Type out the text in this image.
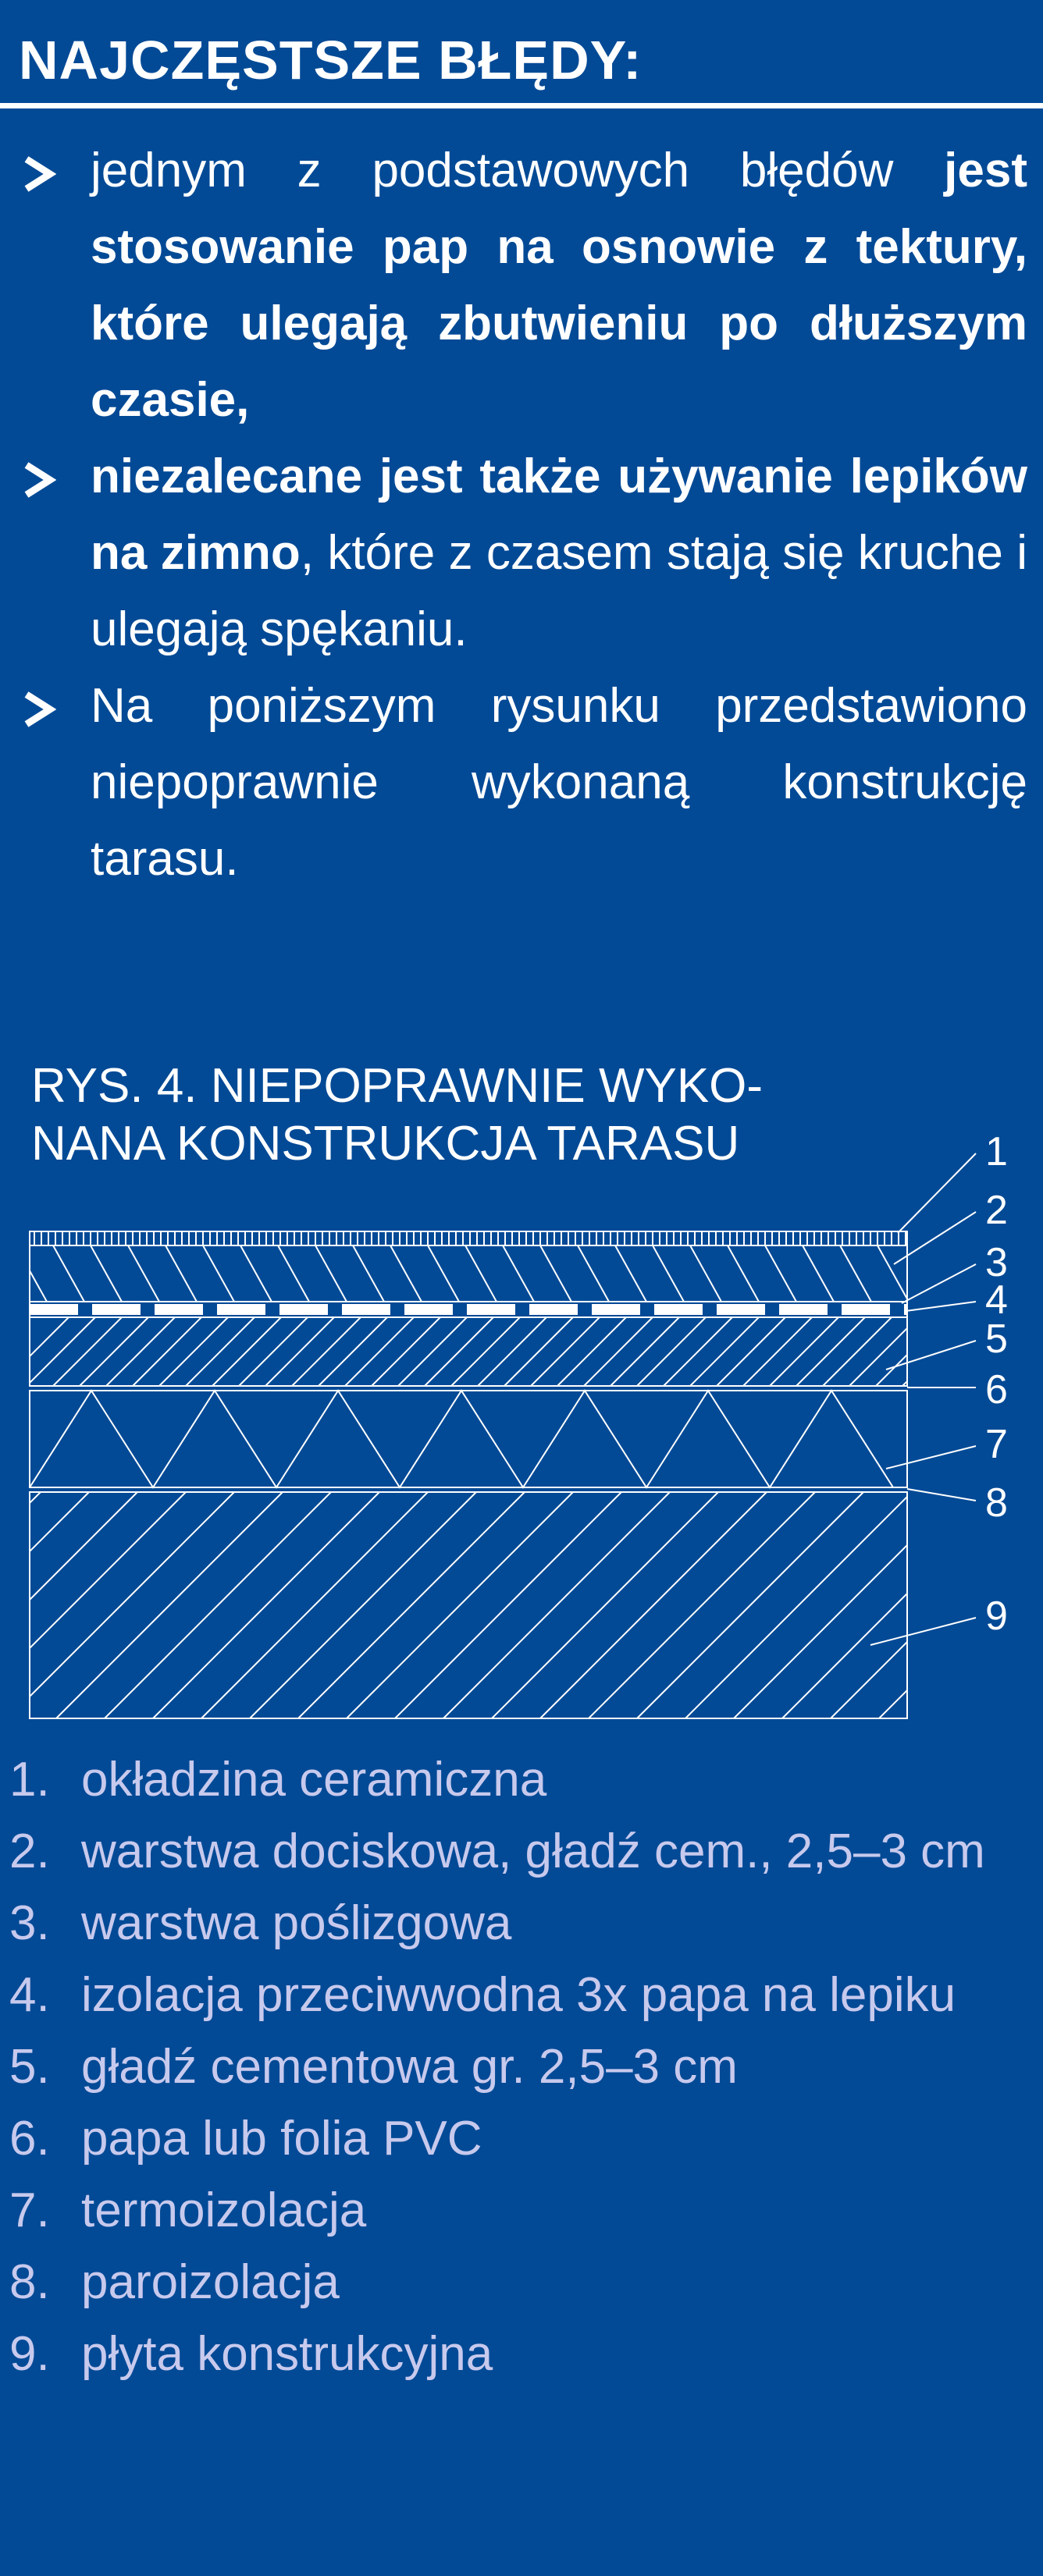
NAJCZĘSTSZE BŁĘDY:
jednym z podstawowych błędów jest stosowanie pap na osnowie z tektury, które ulegają zbutwieniu po dłuższym czasie,
niezalecane jest także używanie lepików na zimno, które z czasem stają się kruche i ulegają spękaniu.
Na poniższym rysunku przedstawiono niepoprawnie wykonaną konstrukcję tarasu.

RYS. 4. NIEPOPRAWNIE WYKO-
NANA KONSTRUKCJA TARASU	1
2
3
4
5
6
7
8
9
1. okładzina ceramiczna
2. warstwa dociskowa, gładź cem., 2,5–3 cm
3. warstwa poślizgowa
4. izolacja przeciwwodna 3x papa na lepiku
5. gładź cementowa gr. 2,5–3 cm
6. papa lub folia PVC
7. termoizolacja
8. paroizolacja
9. płyta konstrukcyjna
